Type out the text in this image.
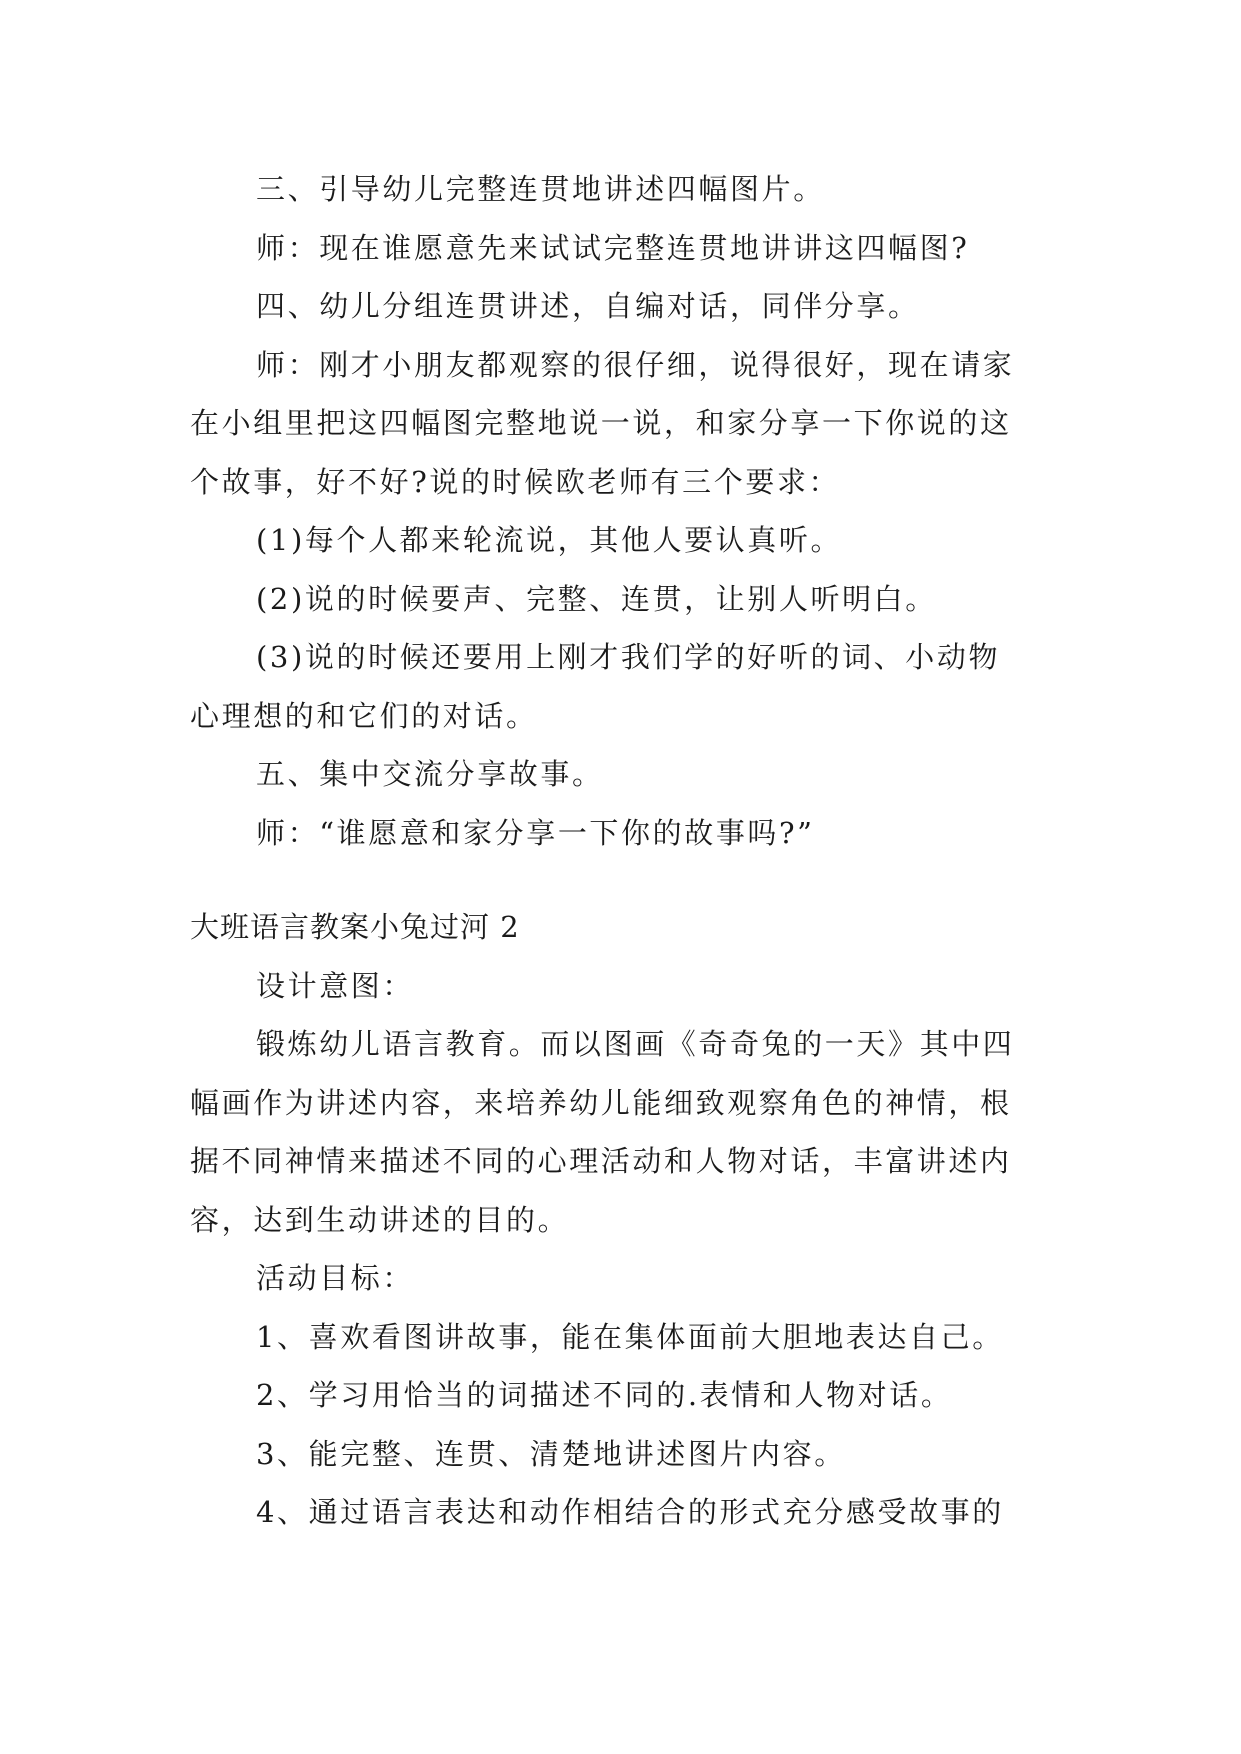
三、引导幼儿完整连贯地讲述四幅图片。

师：现在谁愿意先来试试完整连贯地讲讲这四幅图?

四、幼儿分组连贯讲述，自编对话，同伴分享。

师：刚才小朋友都观察的很仔细，说得很好，现在请家

在小组里把这四幅图完整地说一说，和家分享一下你说的这

个故事，好不好?说的时候欧老师有三个要求：

(1)每个人都来轮流说，其他人要认真听。

(2)说的时候要声、完整、连贯，让别人听明白。

(3)说的时候还要用上刚才我们学的好听的词、小动物

心理想的和它们的对话。

五、集中交流分享故事。

师：“谁愿意和家分享一下你的故事吗?”

大班语言教案小兔过河 2

设计意图：

锻炼幼儿语言教育。而以图画《奇奇兔的一天》其中四

幅画作为讲述内容，来培养幼儿能细致观察角色的神情，根

据不同神情来描述不同的心理活动和人物对话，丰富讲述内

容，达到生动讲述的目的。

活动目标：

1、喜欢看图讲故事，能在集体面前大胆地表达自己。

2、学习用恰当的词描述不同的.表情和人物对话。

3、能完整、连贯、清楚地讲述图片内容。

4、通过语言表达和动作相结合的形式充分感受故事的
